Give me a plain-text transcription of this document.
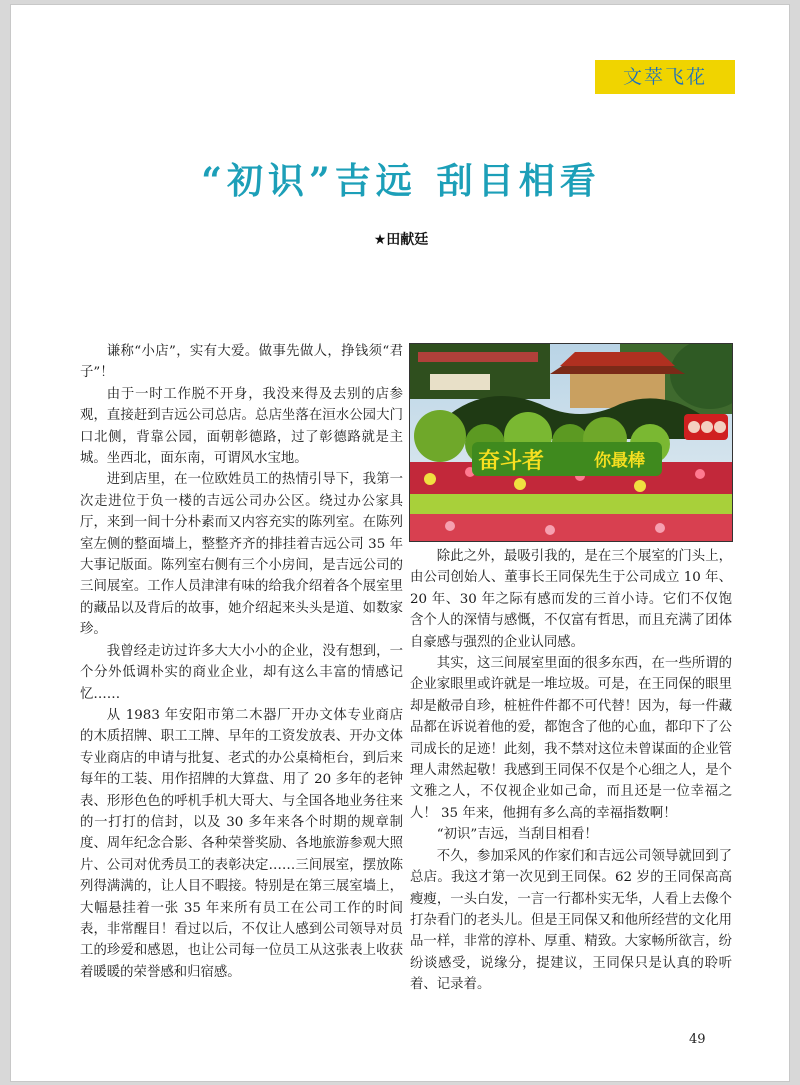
文萃飞花
“初识”吉远 刮目相看
★田献廷

谦称“小店”，实有大爱。做事先做人，挣钱须“君子”！

由于一时工作脱不开身，我没来得及去别的店参观，直接赶到吉远公司总店。总店坐落在洹水公园大门口北侧，背靠公园，面朝彰德路，过了彰德路就是主城。坐西北，面东南，可谓风水宝地。

进到店里，在一位欧姓员工的热情引导下，我第一次走进位于负一楼的吉远公司办公区。绕过办公家具厅，来到一间十分朴素而又内容充实的陈列室。在陈列室左侧的整面墙上，整整齐齐的排挂着吉远公司 35 年大事记版面。陈列室右侧有三个小房间，是吉远公司的三间展室。工作人员津津有味的给我介绍着各个展室里的藏品以及背后的故事，她介绍起来头头是道、如数家珍。

我曾经走访过许多大大小小的企业，没有想到，一个分外低调朴实的商业企业，却有这么丰富的情感记忆……

从 1983 年安阳市第二木器厂开办文体专业商店的木质招牌、职工工牌、早年的工资发放表、开办文体专业商店的申请与批复、老式的办公桌椅柜台，到后来每年的工装、用作招牌的大算盘、用了 20 多年的老钟表、形形色色的呼机手机大哥大、与全国各地业务往来的一打打的信封，以及 30 多年来各个时期的规章制度、周年纪念合影、各种荣誉奖励、各地旅游参观大照片、公司对优秀员工的表彰决定……三间展室，摆放陈列得满满的，让人目不暇接。特别是在第三展室墙上，大幅悬挂着一张 35 年来所有员工在公司工作的时间表，非常醒目！看过以后，不仅让人感到公司领导对员工的珍爱和感恩，也让公司每一位员工从这张表上收获着暖暖的荣誉感和归宿感。

奋斗者	你最棒

除此之外，最吸引我的，是在三个展室的门头上，由公司创始人、董事长王同保先生于公司成立 10 年、20 年、30 年之际有感而发的三首小诗。它们不仅饱含个人的深情与感慨，不仅富有哲思，而且充满了团体自豪感与强烈的企业认同感。

其实，这三间展室里面的很多东西，在一些所谓的企业家眼里或许就是一堆垃圾。可是，在王同保的眼里却是敝帚自珍，桩桩件件都不可代替！因为，每一件藏品都在诉说着他的爱，都饱含了他的心血，都印下了公司成长的足迹！此刻，我不禁对这位未曾谋面的企业管理人肃然起敬！我感到王同保不仅是个心细之人，是个文雅之人，不仅视企业如己命，而且还是一位幸福之人！ 35 年来，他拥有多么高的幸福指数啊！

“初识”吉远，当刮目相看！

不久，参加采风的作家们和吉远公司领导就回到了总店。我这才第一次见到王同保。62 岁的王同保高高瘦瘦，一头白发，一言一行都朴实无华，人看上去像个打杂看门的老头儿。但是王同保又和他所经营的文化用品一样，非常的淳朴、厚重、精致。大家畅所欲言，纷纷谈感受，说缘分，提建议，王同保只是认真的聆听着、记录着。

49
